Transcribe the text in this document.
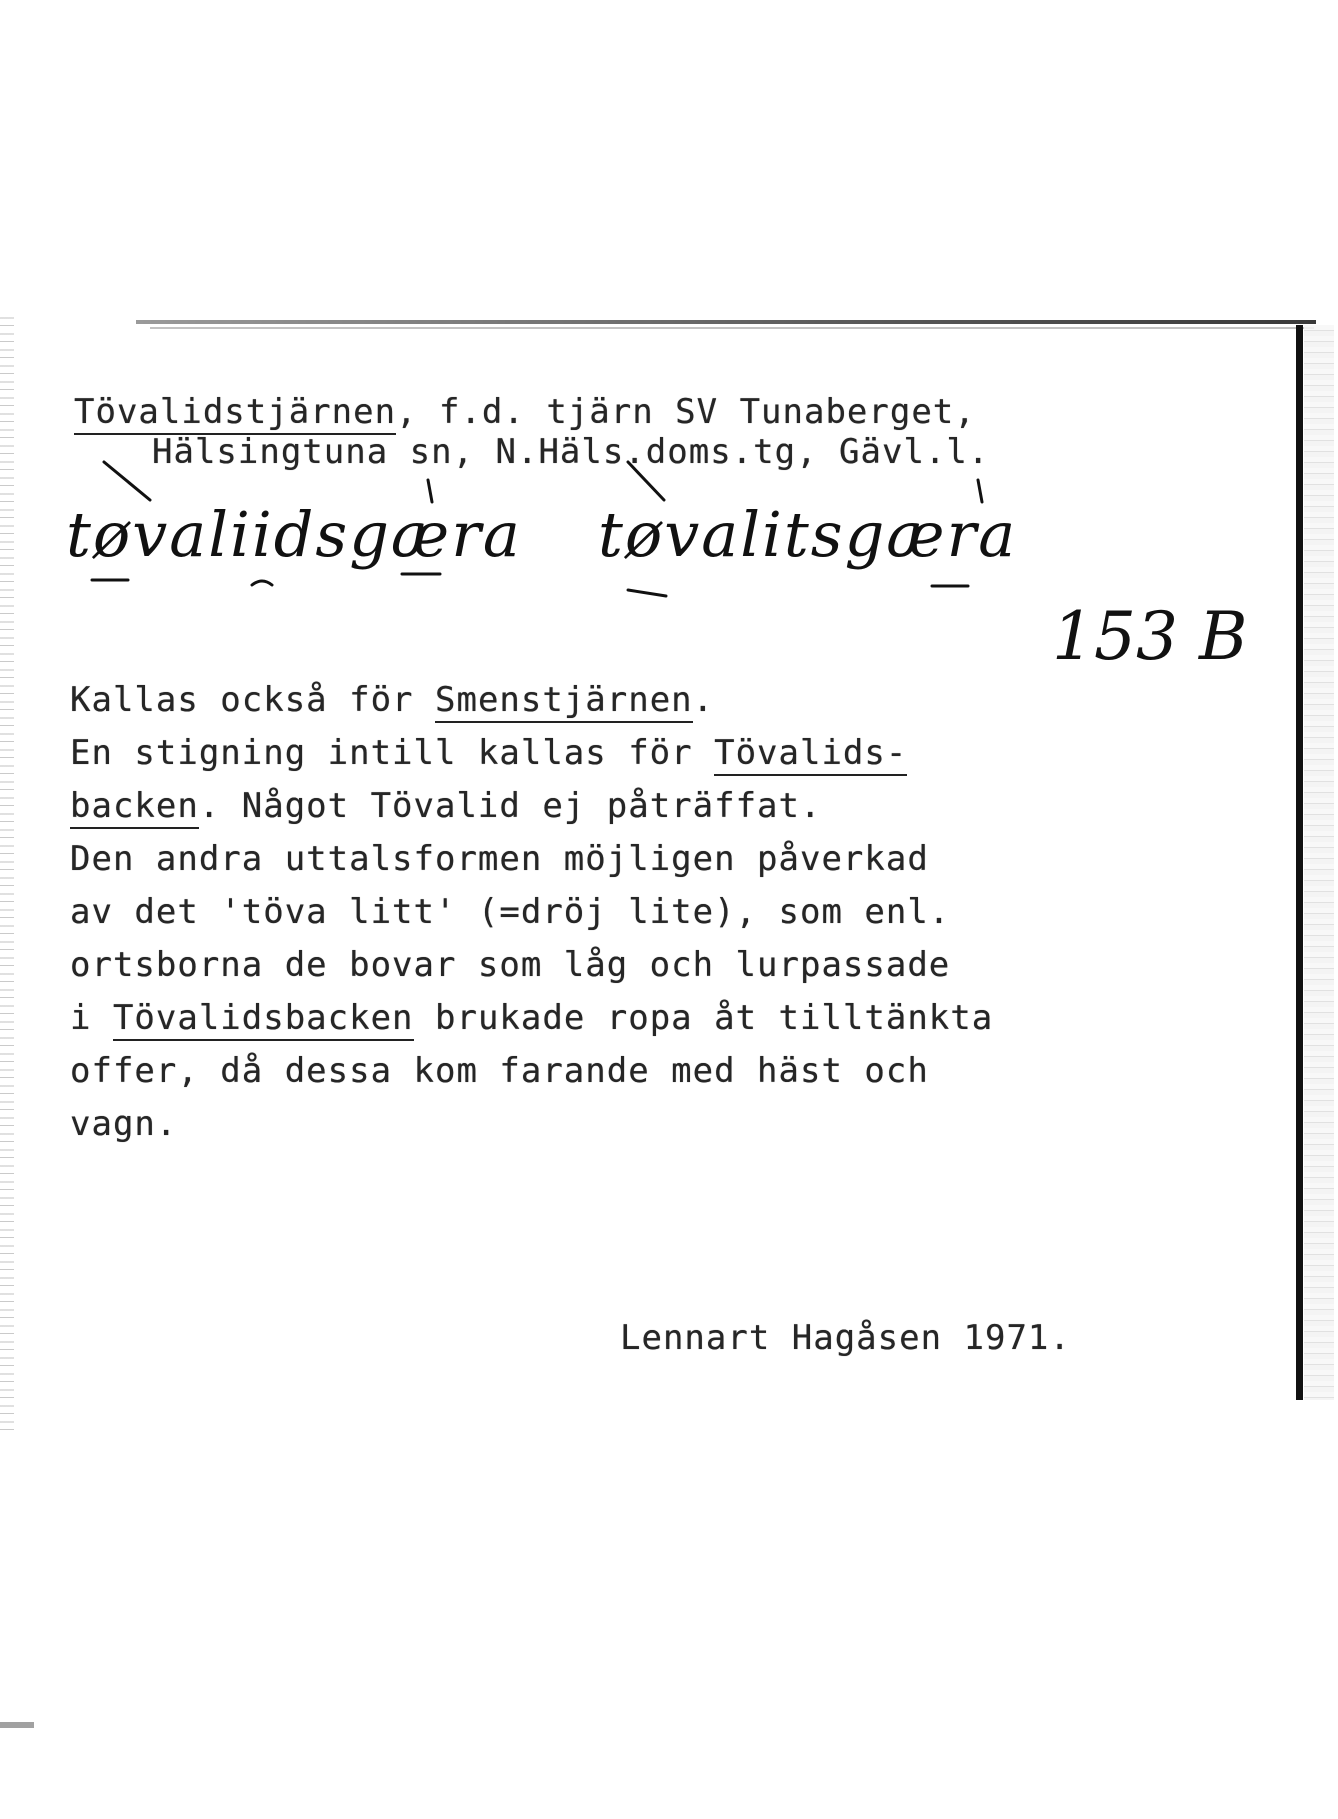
Tövalidstjärnen, f.d. tjärn SV Tunaberget,

Hälsingtuna sn, N.Häls.doms.tg, Gävl.l.

tøvaliidsgæra tøvalitsgæra
153 B

Kallas också för Smenstjärnen.

En stigning intill kallas för Tövalids-

backen. Något Tövalid ej påträffat.

Den andra uttalsformen möjligen påverkad

av det 'töva litt' (=dröj lite), som enl.

ortsborna de bovar som låg och lurpassade

i Tövalidsbacken brukade ropa åt tilltänkta

offer, då dessa kom farande med häst och

vagn.

Lennart Hagåsen 1971.
